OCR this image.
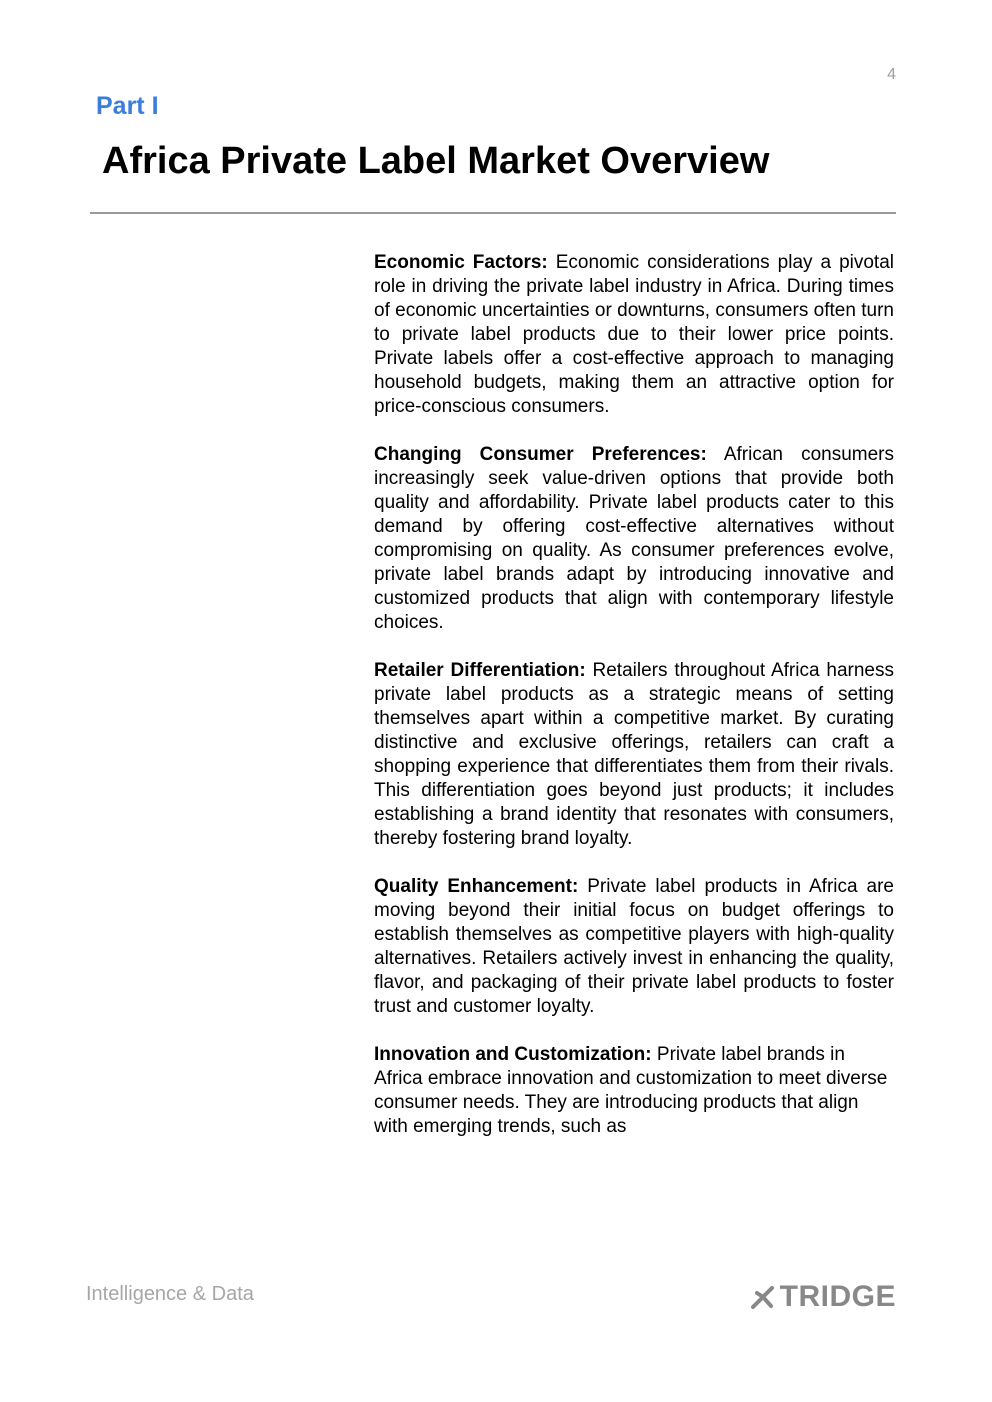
4
Part I
Africa Private Label Market Overview

Economic Factors: Economic considerations play a pivotal role in driving the private label industry in Africa. During times of economic uncertainties or downturns, consumers often turn to private label products due to their lower price points. Private labels offer a cost-effective approach to managing household budgets, making them an attractive option for price-conscious consumers.

Changing Consumer Preferences: African consumers increasingly seek value-driven options that provide both quality and affordability. Private label products cater to this demand by offering cost-effective alternatives without compromising on quality. As consumer preferences evolve, private label brands adapt by introducing innovative and customized products that align with contemporary lifestyle choices.

Retailer Differentiation: Retailers throughout Africa harness private label products as a strategic means of setting themselves apart within a competitive market. By curating distinctive and exclusive offerings, retailers can craft a shopping experience that differentiates them from their rivals. This differentiation goes beyond just products; it includes establishing a brand identity that resonates with consumers, thereby fostering brand loyalty.

Quality Enhancement: Private label products in Africa are moving beyond their initial focus on budget offerings to establish themselves as competitive players with high-quality alternatives. Retailers actively invest in enhancing the quality, flavor, and packaging of their private label products to foster trust and customer loyalty.

Innovation and Customization: Private label brands in Africa embrace innovation and customization to meet diverse consumer needs. They are introducing products that align with emerging trends, such as

Intelligence & Data	TRIDGE
